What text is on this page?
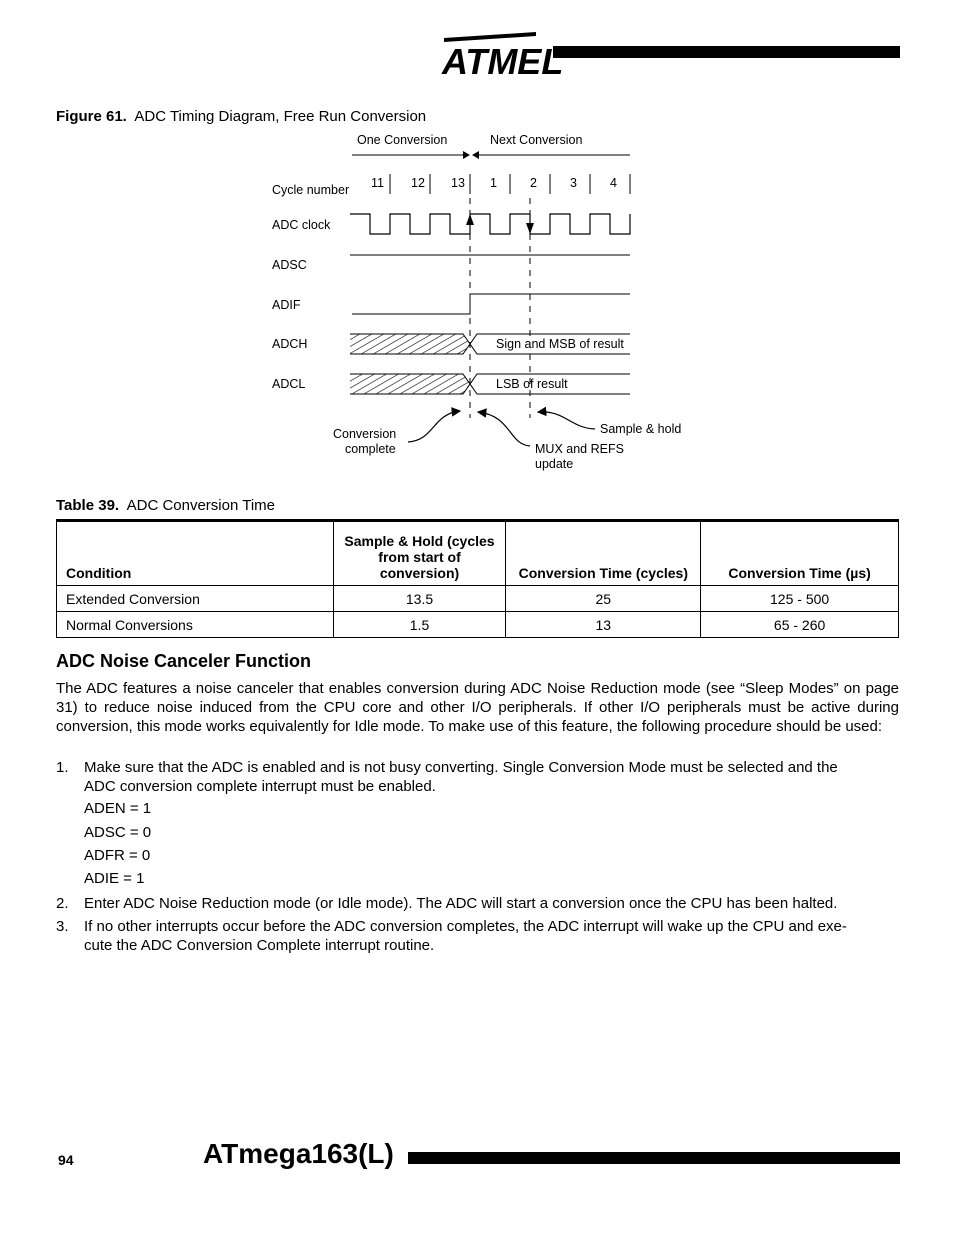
ATMEL
Figure 61. ADC Timing Diagram, Free Run Conversion
One Conversion	Next Conversion
Cycle number
ADC clock
ADSC
ADIF
ADCH
ADCL
11 12 13 1	2	3	4
Sign and MSB of result
LSB of result
Conversion
complete	MUX and REFS
update
Sample & hold
Table 39. ADC Conversion Time
Condition	Sample & Hold (cycles from start of conversion)	Conversion Time (cycles)	Conversion Time (µs)
Extended Conversion	13.5	25	125 - 500
Normal Conversions	1.5	13	65 - 260
ADC Noise Canceler Function
The ADC features a noise canceler that enables conversion during ADC Noise Reduction mode (see “Sleep Modes” on page 31) to reduce noise induced from the CPU core and other I/O peripherals. If other I/O peripherals must be active during conversion, this mode works equivalently for Idle mode. To make use of this feature, the following procedure should be used:
1.	Make sure that the ADC is enabled and is not busy converting. Single Conversion Mode must be selected and the
ADC conversion complete interrupt must be enabled.
ADEN = 1
ADSC = 0
ADFR = 0
ADIE = 1
2.	Enter ADC Noise Reduction mode (or Idle mode). The ADC will start a conversion once the CPU has been halted.
3.	If no other interrupts occur before the ADC conversion completes, the ADC interrupt will wake up the CPU and exe-
cute the ADC Conversion Complete interrupt routine.
94	ATmega163(L)
